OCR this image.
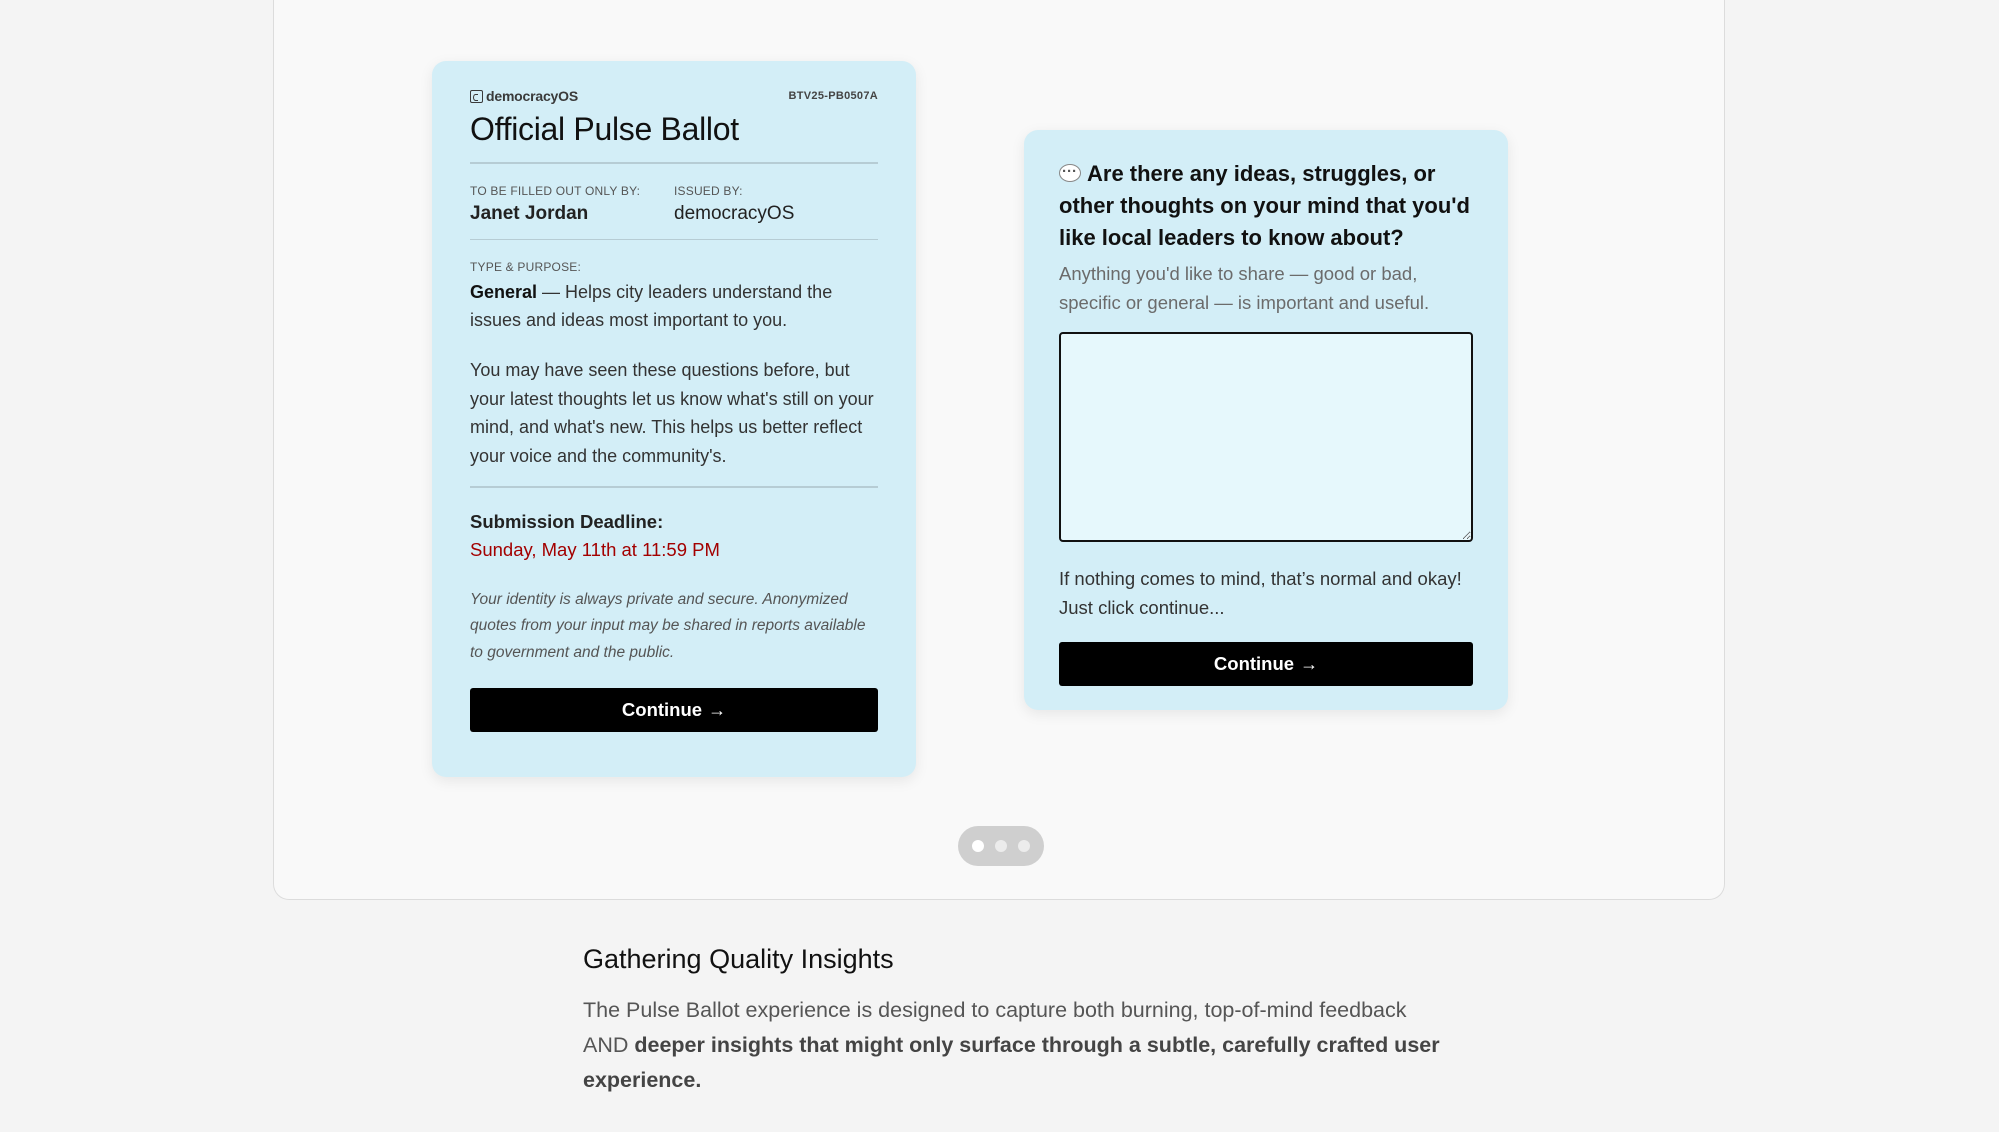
democracyOS	BTV25-PB0507A
Official Pulse Ballot
TO BE FILLED OUT ONLY BY:
Janet Jordan
ISSUED BY:
democracyOS
TYPE & PURPOSE:
General — Helps city leaders understand the issues and ideas most important to you.
You may have seen these questions before, but your latest thoughts let us know what's still on your mind, and what's new. This helps us better reflect your voice and the community's.
Submission Deadline:
Sunday, May 11th at 11:59 PM
Your identity is always private and secure. Anonymized quotes from your input may be shared in reports available to government and the public.
Continue →
···Are there any ideas, struggles, or other thoughts on your mind that you'd like local leaders to know about?
Anything you'd like to share — good or bad, specific or general — is important and useful.
If nothing comes to mind, that’s normal and okay! Just click continue...
Continue →
Gathering Quality Insights

The Pulse Ballot experience is designed to capture both burning, top-of-mind feedback AND deeper insights that might only surface through a subtle, carefully crafted user experience.
